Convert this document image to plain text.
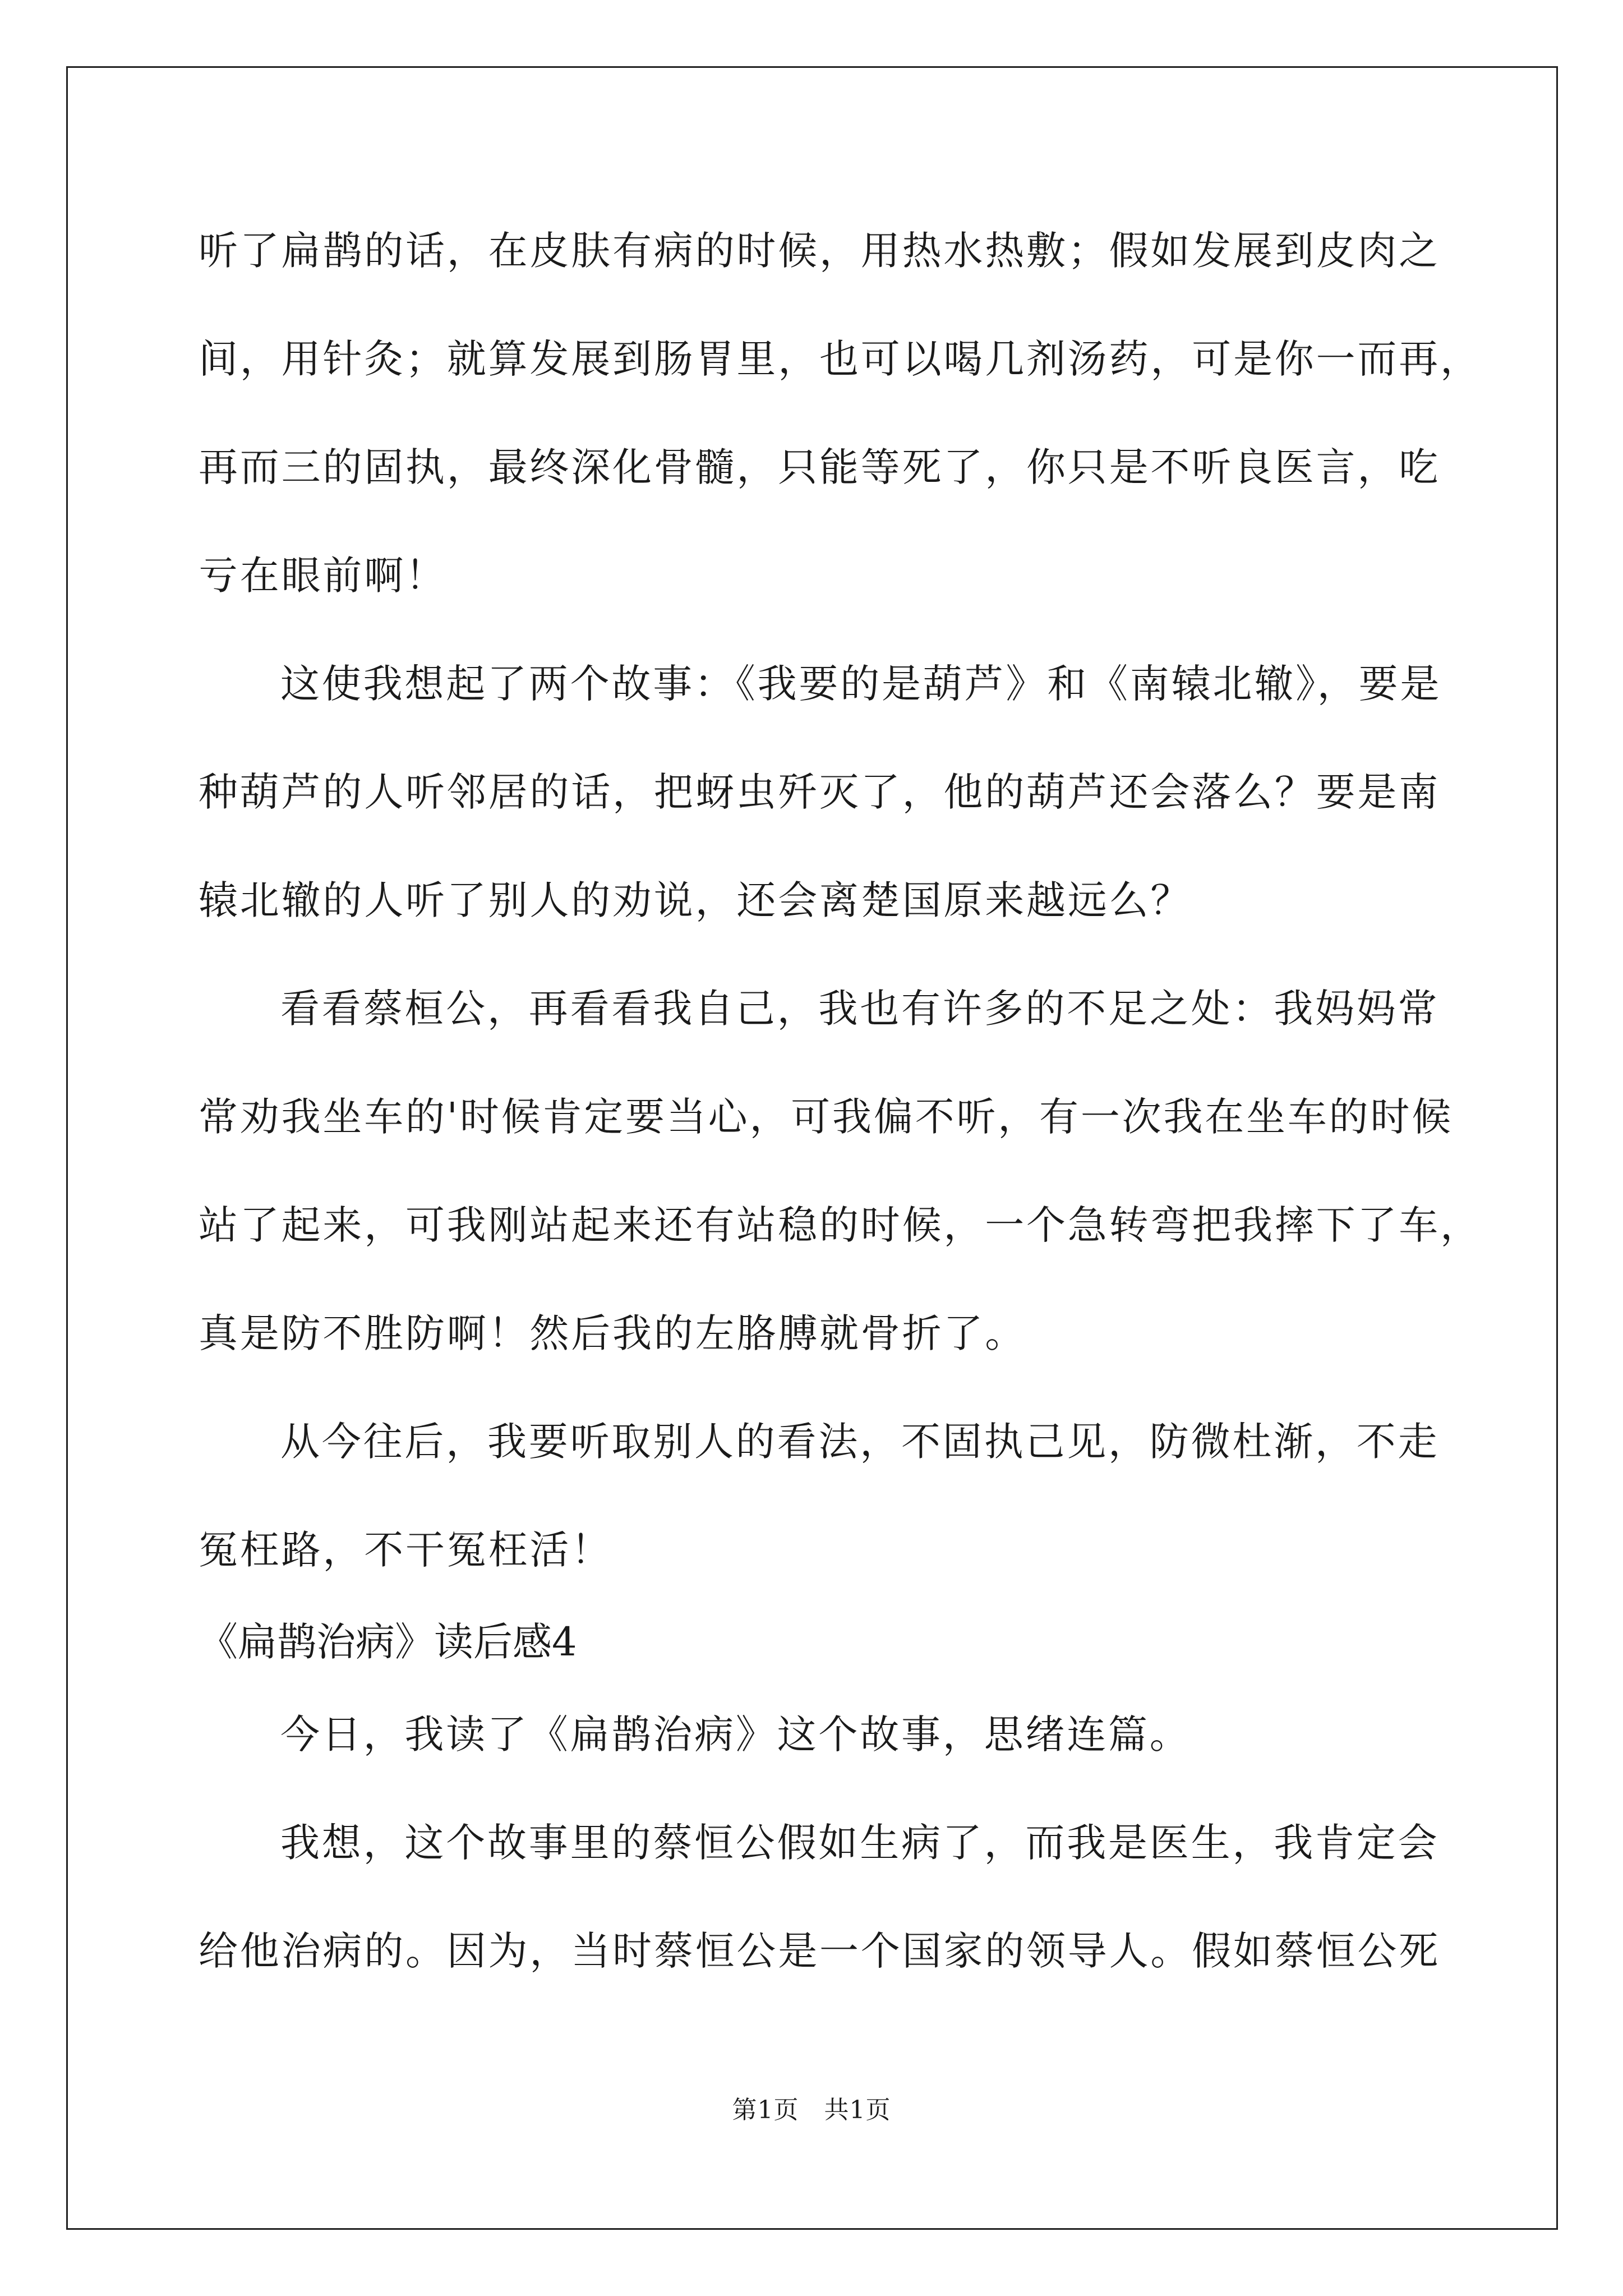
听了扁鹊的话，在皮肤有病的时候，用热水热敷；假如发展到皮肉之
间，用针灸；就算发展到肠胃里，也可以喝几剂汤药，可是你一而再，
再而三的固执，最终深化骨髓，只能等死了，你只是不听良医言，吃
亏在眼前啊！
这使我想起了两个故事：《我要的是葫芦》和《南辕北辙》，要是
种葫芦的人听邻居的话，把蚜虫歼灭了，他的葫芦还会落么？要是南
辕北辙的人听了别人的劝说，还会离楚国原来越远么？
看看蔡桓公，再看看我自己，我也有许多的不足之处：我妈妈常
常劝我坐车的'时候肯定要当心，可我偏不听，有一次我在坐车的时候
站了起来，可我刚站起来还有站稳的时候，一个急转弯把我摔下了车，
真是防不胜防啊！然后我的左胳膊就骨折了。
从今往后，我要听取别人的看法，不固执己见，防微杜渐，不走
冤枉路，不干冤枉活！
《扁鹊治病》读后感4
今日，我读了《扁鹊治病》这个故事，思绪连篇。
我想，这个故事里的蔡恒公假如生病了，而我是医生，我肯定会
给他治病的。因为，当时蔡恒公是一个国家的领导人。假如蔡恒公死
第1页　共1页
